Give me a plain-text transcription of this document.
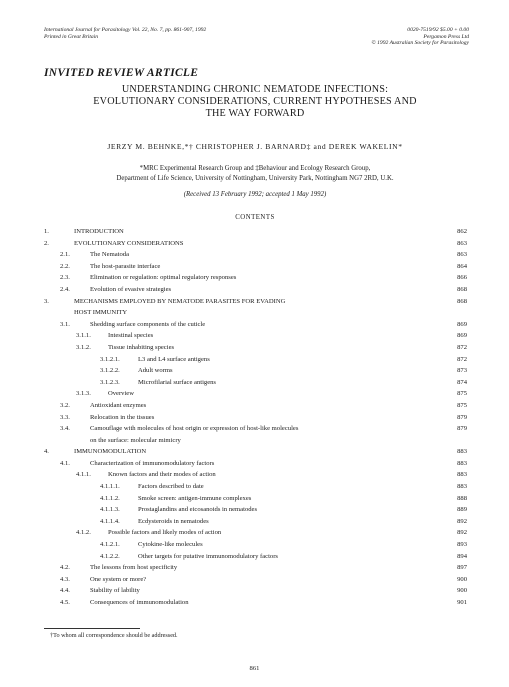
International Journal for Parasitology Vol. 22, No. 7, pp. 861-907, 1992
Printed in Great Britain
0020-7519/92 $5.00 + 0.00
Pergamon Press Ltd
© 1992 Australian Society for Parasitology
INVITED REVIEW ARTICLE
UNDERSTANDING CHRONIC NEMATODE INFECTIONS:
EVOLUTIONARY CONSIDERATIONS, CURRENT HYPOTHESES AND
THE WAY FORWARD
JERZY M. BEHNKE,*† CHRISTOPHER J. BARNARD‡ and DEREK WAKELIN*
*MRC Experimental Research Group and ‡Behaviour and Ecology Research Group,
Department of Life Science, University of Nottingham, University Park, Nottingham NG7 2RD, U.K.
(Received 13 February 1992; accepted 1 May 1992)
CONTENTS
1.	INTRODUCTION	862
2.	EVOLUTIONARY CONSIDERATIONS	863
2.1.	The Nematoda	863
2.2.	The host-parasite interface	864
2.3.	Elimination or regulation: optimal regulatory responses	866
2.4.	Evolution of evasive strategies	868
3.	MECHANISMS EMPLOYED BY NEMATODE PARASITES FOR EVADING	868
HOST IMMUNITY
3.1.	Shedding surface components of the cuticle	869
3.1.1.	Intestinal species	869
3.1.2.	Tissue inhabiting species	872
3.1.2.1.	L3 and L4 surface antigens	872
3.1.2.2.	Adult worms	873
3.1.2.3.	Microfilarial surface antigens	874
3.1.3.	Overview	875
3.2.	Antioxidant enzymes	875
3.3.	Relocation in the tissues	879
3.4.	Camouflage with molecules of host origin or expression of host-like molecules	879
on the surface: molecular mimicry
4.	IMMUNOMODULATION	883
4.1.	Characterization of immunomodulatory factors	883
4.1.1.	Known factors and their modes of action	883
4.1.1.1.	Factors described to date	883
4.1.1.2.	Smoke screen: antigen-immune complexes	888
4.1.1.3.	Prostaglandins and eicosanoids in nematodes	889
4.1.1.4.	Ecdysteroids in nematodes	892
4.1.2.	Possible factors and likely modes of action	892
4.1.2.1.	Cytokine-like molecules	893
4.1.2.2.	Other targets for putative immunomodulatory factors	894
4.2.	The lessons from host specificity	897
4.3.	One system or more?	900
4.4.	Stability of lability	900
4.5.	Consequences of immunomodulation	901
†To whom all correspondence should be addressed.
861
